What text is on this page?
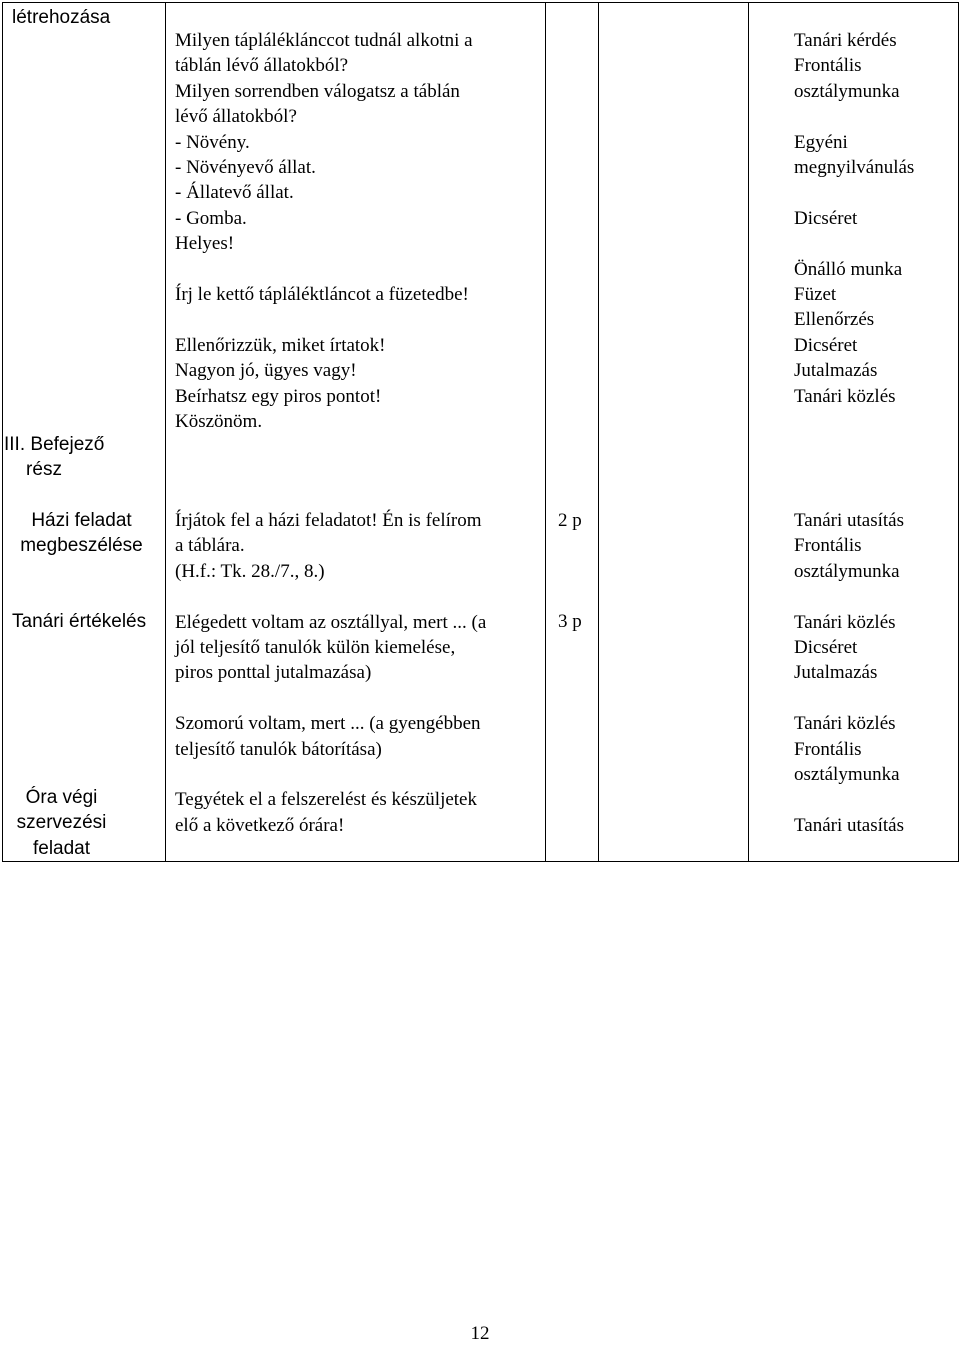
létrehozása
III. Befejező
rész
Házi feladat
megbeszélése
Tanári értékelés
Óra végi
szervezési
feladat
Milyen tápláléklánccot tudnál alkotni a
táblán lévő állatokból?
Milyen sorrendben válogatsz a táblán
lévő állatokból?
- Növény.
- Növényevő állat.
- Állatevő állat.
- Gomba.
Helyes!
Írj le kettő tápláléktláncot a füzetedbe!
Ellenőrizzük, miket írtatok!
Nagyon jó, ügyes vagy!
Beírhatsz egy piros pontot!
Köszönöm.
Írjátok fel a házi feladatot! Én is felírom
a táblára.
(H.f.: Tk. 28./7., 8.)
Elégedett voltam az osztállyal, mert ... (a
jól teljesítő tanulók külön kiemelése,
piros ponttal jutalmazása)
Szomorú voltam, mert ... (a gyengébben
teljesítő tanulók bátorítása)
Tegyétek el a felszerelést és készüljetek
elő a következő órára!
2 p
3 p
Tanári kérdés
Frontális
osztálymunka
Egyéni
megnyilvánulás
Dicséret
Önálló munka
Füzet
Ellenőrzés
Dicséret
Jutalmazás
Tanári közlés
Tanári utasítás
Frontális
osztálymunka
Tanári közlés
Dicséret
Jutalmazás
Tanári közlés
Frontális
osztálymunka
Tanári utasítás
12
